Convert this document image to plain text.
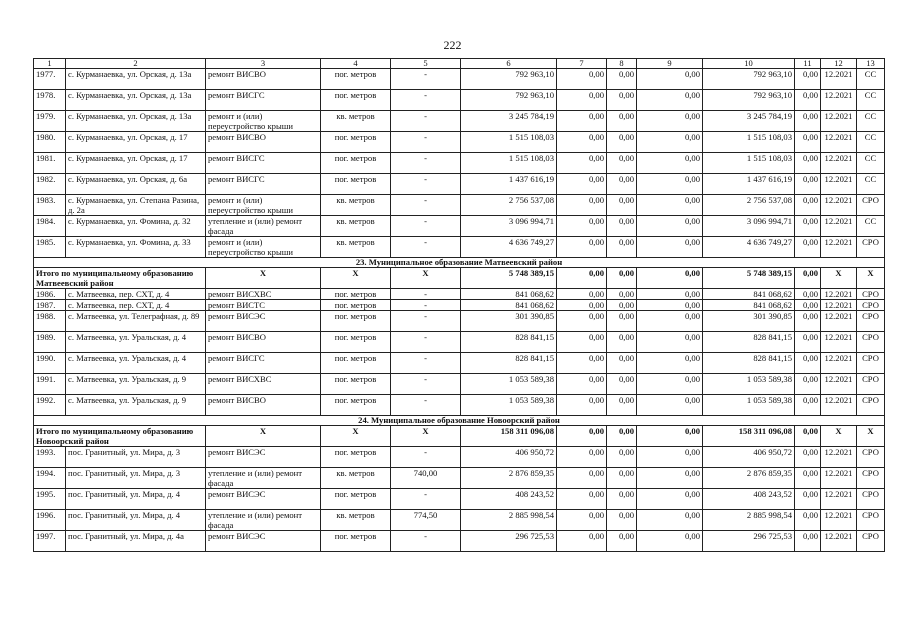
222
1	2	3	4	5	6	7	8	9	10	11	12	13
1977.	с. Курманаевка, ул. Орская, д. 13а	ремонт ВИСВО	пог. метров	-	792 963,10	0,00	0,00	0,00	792 963,10	0,00	12.2021	СС
1978.	с. Курманаевка, ул. Орская, д. 13а	ремонт ВИСГС	пог. метров	-	792 963,10	0,00	0,00	0,00	792 963,10	0,00	12.2021	СС
1979.	с. Курманаевка, ул. Орская, д. 13а	ремонт и (или) переустройство крыши	кв. метров	-	3 245 784,19	0,00	0,00	0,00	3 245 784,19	0,00	12.2021	СС
1980.	с. Курманаевка, ул. Орская, д. 17	ремонт ВИСВО	пог. метров	-	1 515 108,03	0,00	0,00	0,00	1 515 108,03	0,00	12.2021	СС
1981.	с. Курманаевка, ул. Орская, д. 17	ремонт ВИСГС	пог. метров	-	1 515 108,03	0,00	0,00	0,00	1 515 108,03	0,00	12.2021	СС
1982.	с. Курманаевка, ул. Орская, д. 6а	ремонт ВИСГС	пог. метров	-	1 437 616,19	0,00	0,00	0,00	1 437 616,19	0,00	12.2021	СС
1983.	с. Курманаевка, ул. Степана Разина, д. 2а	ремонт и (или) переустройство крыши	кв. метров	-	2 756 537,08	0,00	0,00	0,00	2 756 537,08	0,00	12.2021	СРО
1984.	с. Курманаевка, ул. Фомина, д. 32	утепление и (или) ремонт фасада	кв. метров	-	3 096 994,71	0,00	0,00	0,00	3 096 994,71	0,00	12.2021	СС
1985.	с. Курманаевка, ул. Фомина, д. 33	ремонт и (или) переустройство крыши	кв. метров	-	4 636 749,27	0,00	0,00	0,00	4 636 749,27	0,00	12.2021	СРО
23. Муниципальное образование Матвеевский район												
Итого по муниципальному образованию Матвеевский район		X	X	X	5 748 389,15	0,00	0,00	0,00	5 748 389,15	0,00	X	X
1986.	с. Матвеевка, пер. СХТ, д. 4	ремонт ВИСХВС	пог. метров	-	841 068,62	0,00	0,00	0,00	841 068,62	0,00	12.2021	СРО
1987.	с. Матвеевка, пер. СХТ, д. 4	ремонт ВИСТС	пог. метров	-	841 068,62	0,00	0,00	0,00	841 068,62	0,00	12.2021	СРО
1988.	с. Матвеевка, ул. Телеграфная, д. 89	ремонт ВИСЭС	пог. метров	-	301 390,85	0,00	0,00	0,00	301 390,85	0,00	12.2021	СРО
1989.	с. Матвеевка, ул. Уральская, д. 4	ремонт ВИСВО	пог. метров	-	828 841,15	0,00	0,00	0,00	828 841,15	0,00	12.2021	СРО
1990.	с. Матвеевка, ул. Уральская, д. 4	ремонт ВИСГС	пог. метров	-	828 841,15	0,00	0,00	0,00	828 841,15	0,00	12.2021	СРО
1991.	с. Матвеевка, ул. Уральская, д. 9	ремонт ВИСХВС	пог. метров	-	1 053 589,38	0,00	0,00	0,00	1 053 589,38	0,00	12.2021	СРО
1992.	с. Матвеевка, ул. Уральская, д. 9	ремонт ВИСВО	пог. метров	-	1 053 589,38	0,00	0,00	0,00	1 053 589,38	0,00	12.2021	СРО
24. Муниципальное образование Новоорский район												
Итого по муниципальному образованию Новоорский район		X	X	X	158 311 096,08	0,00	0,00	0,00	158 311 096,08	0,00	X	X
1993.	пос. Гранитный, ул. Мира, д. 3	ремонт ВИСЭС	пог. метров	-	406 950,72	0,00	0,00	0,00	406 950,72	0,00	12.2021	СРО
1994.	пос. Гранитный, ул. Мира, д. 3	утепление и (или) ремонт фасада	кв. метров	740,00	2 876 859,35	0,00	0,00	0,00	2 876 859,35	0,00	12.2021	СРО
1995.	пос. Гранитный, ул. Мира, д. 4	ремонт ВИСЭС	пог. метров	-	408 243,52	0,00	0,00	0,00	408 243,52	0,00	12.2021	СРО
1996.	пос. Гранитный, ул. Мира, д. 4	утепление и (или) ремонт фасада	кв. метров	774,50	2 885 998,54	0,00	0,00	0,00	2 885 998,54	0,00	12.2021	СРО
1997.	пос. Гранитный, ул. Мира, д. 4а	ремонт ВИСЭС	пог. метров	-	296 725,53	0,00	0,00	0,00	296 725,53	0,00	12.2021	СРО
